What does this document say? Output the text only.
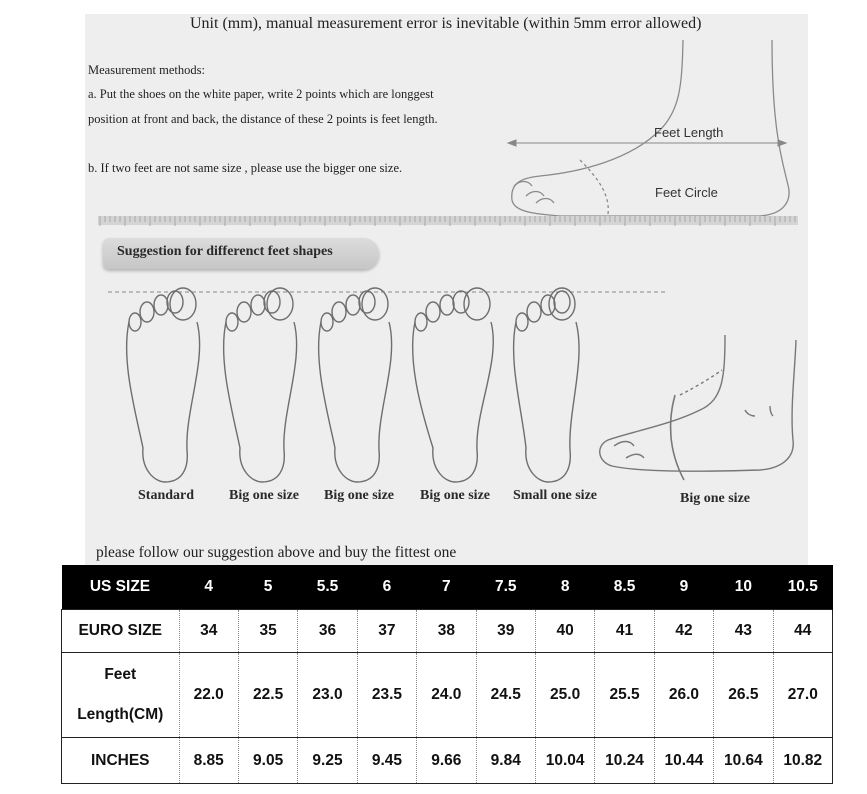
Unit (mm), manual measurement error is inevitable (within 5mm error allowed)
Measurement methods:
a. Put the shoes on the white paper, write 2 points which are longgest
position at front and back, the distance of these 2 points is feet length.
b. If two feet are not same size , please use the bigger one size.
Feet Length
Feet Circle
Suggestion for differenct feet shapes
Standard Big one size Big one size Big one size Small one size	Big one size
please follow our suggestion above and buy the fittest one
US SIZE	4	5	5.5	6	7	7.5	8	8.5	9	10	10.5
EURO SIZE	34	35	36	37	38	39	40	41	42	43	44

Feet
Length(CM)	22.0	22.5	23.0	23.5	24.0	24.5	25.0	25.5	26.0	26.5	27.0
INCHES	8.85	9.05	9.25	9.45	9.66	9.84	10.04	10.24	10.44	10.64	10.82
